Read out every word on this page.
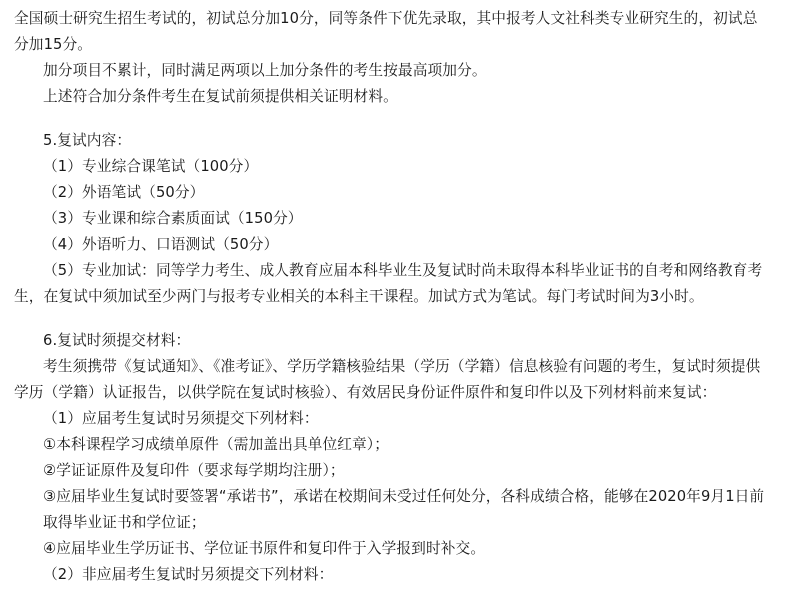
全国硕士研究生招生考试的，初试总分加10分，同等条件下优先录取，其中报考人文社科类专业研究生的，初试总分加15分。

加分项目不累计，同时满足两项以上加分条件的考生按最高项加分。

上述符合加分条件考生在复试前须提供相关证明材料。

5.复试内容：

（1）专业综合课笔试（100分）

（2）外语笔试（50分）

（3）专业课和综合素质面试（150分）

（4）外语听力、口语测试（50分）

（5）专业加试：同等学力考生、成人教育应届本科毕业生及复试时尚未取得本科毕业证书的自考和网络教育考生，在复试中须加试至少两门与报考专业相关的本科主干课程。加试方式为笔试。每门考试时间为3小时。

6.复试时须提交材料：

考生须携带《复试通知》、《准考证》、学历学籍核验结果（学历（学籍）信息核验有问题的考生，复试时须提供学历（学籍）认证报告，以供学院在复试时核验）、有效居民身份证件原件和复印件以及下列材料前来复试：

（1）应届考生复试时另须提交下列材料：

①本科课程学习成绩单原件（需加盖出具单位红章）；

②学证证原件及复印件（要求每学期均注册）；

③应届毕业生复试时要签署“承诺书”，承诺在校期间未受过任何处分，各科成绩合格，能够在2020年9月1日前取得毕业证书和学位证；

④应届毕业生学历证书、学位证书原件和复印件于入学报到时补交。

（2）非应届考生复试时另须提交下列材料：
